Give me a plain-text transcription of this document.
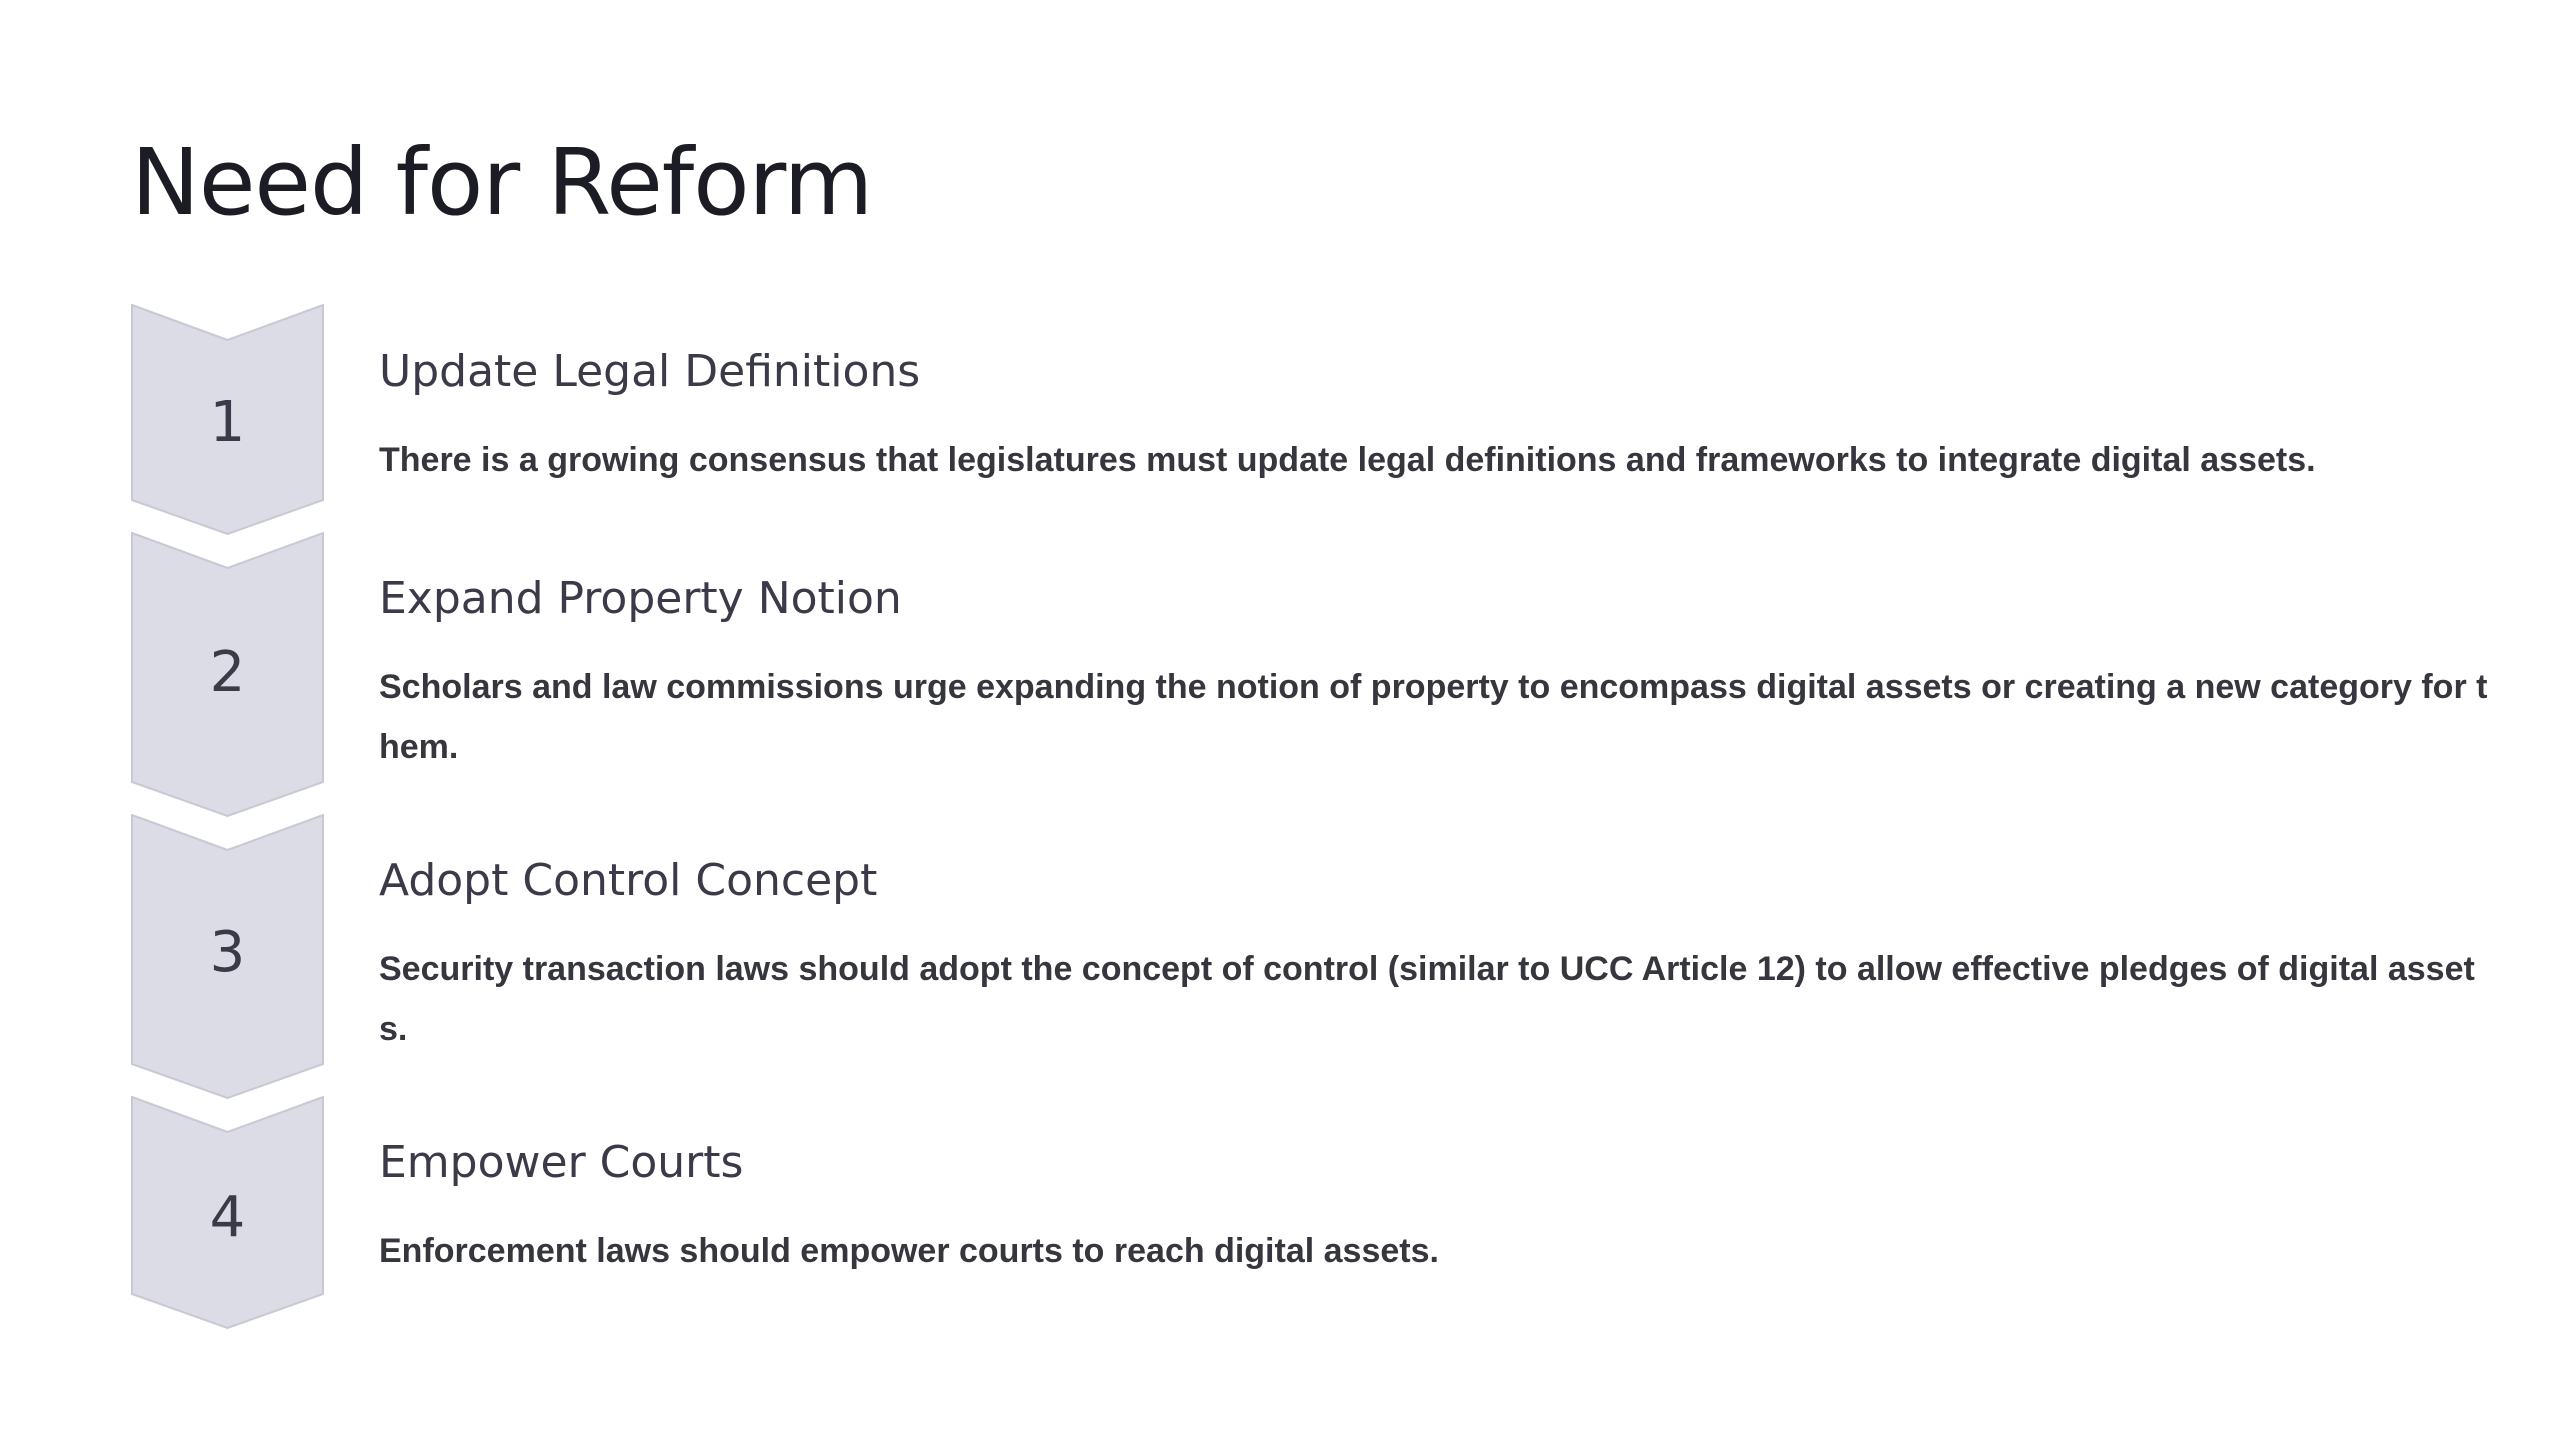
Need for Reform
1
Update Legal Definitions

There is a growing consensus that legislatures must update legal definitions and frameworks to integrate digital assets.

2
Expand Property Notion

Scholars and law commissions urge expanding the notion of property to encompass digital assets or creating a new category for them.

3
Adopt Control Concept

Security transaction laws should adopt the concept of control (similar to UCC Article 12) to allow effective pledges of digital assets.

4
Empower Courts

Enforcement laws should empower courts to reach digital assets.
